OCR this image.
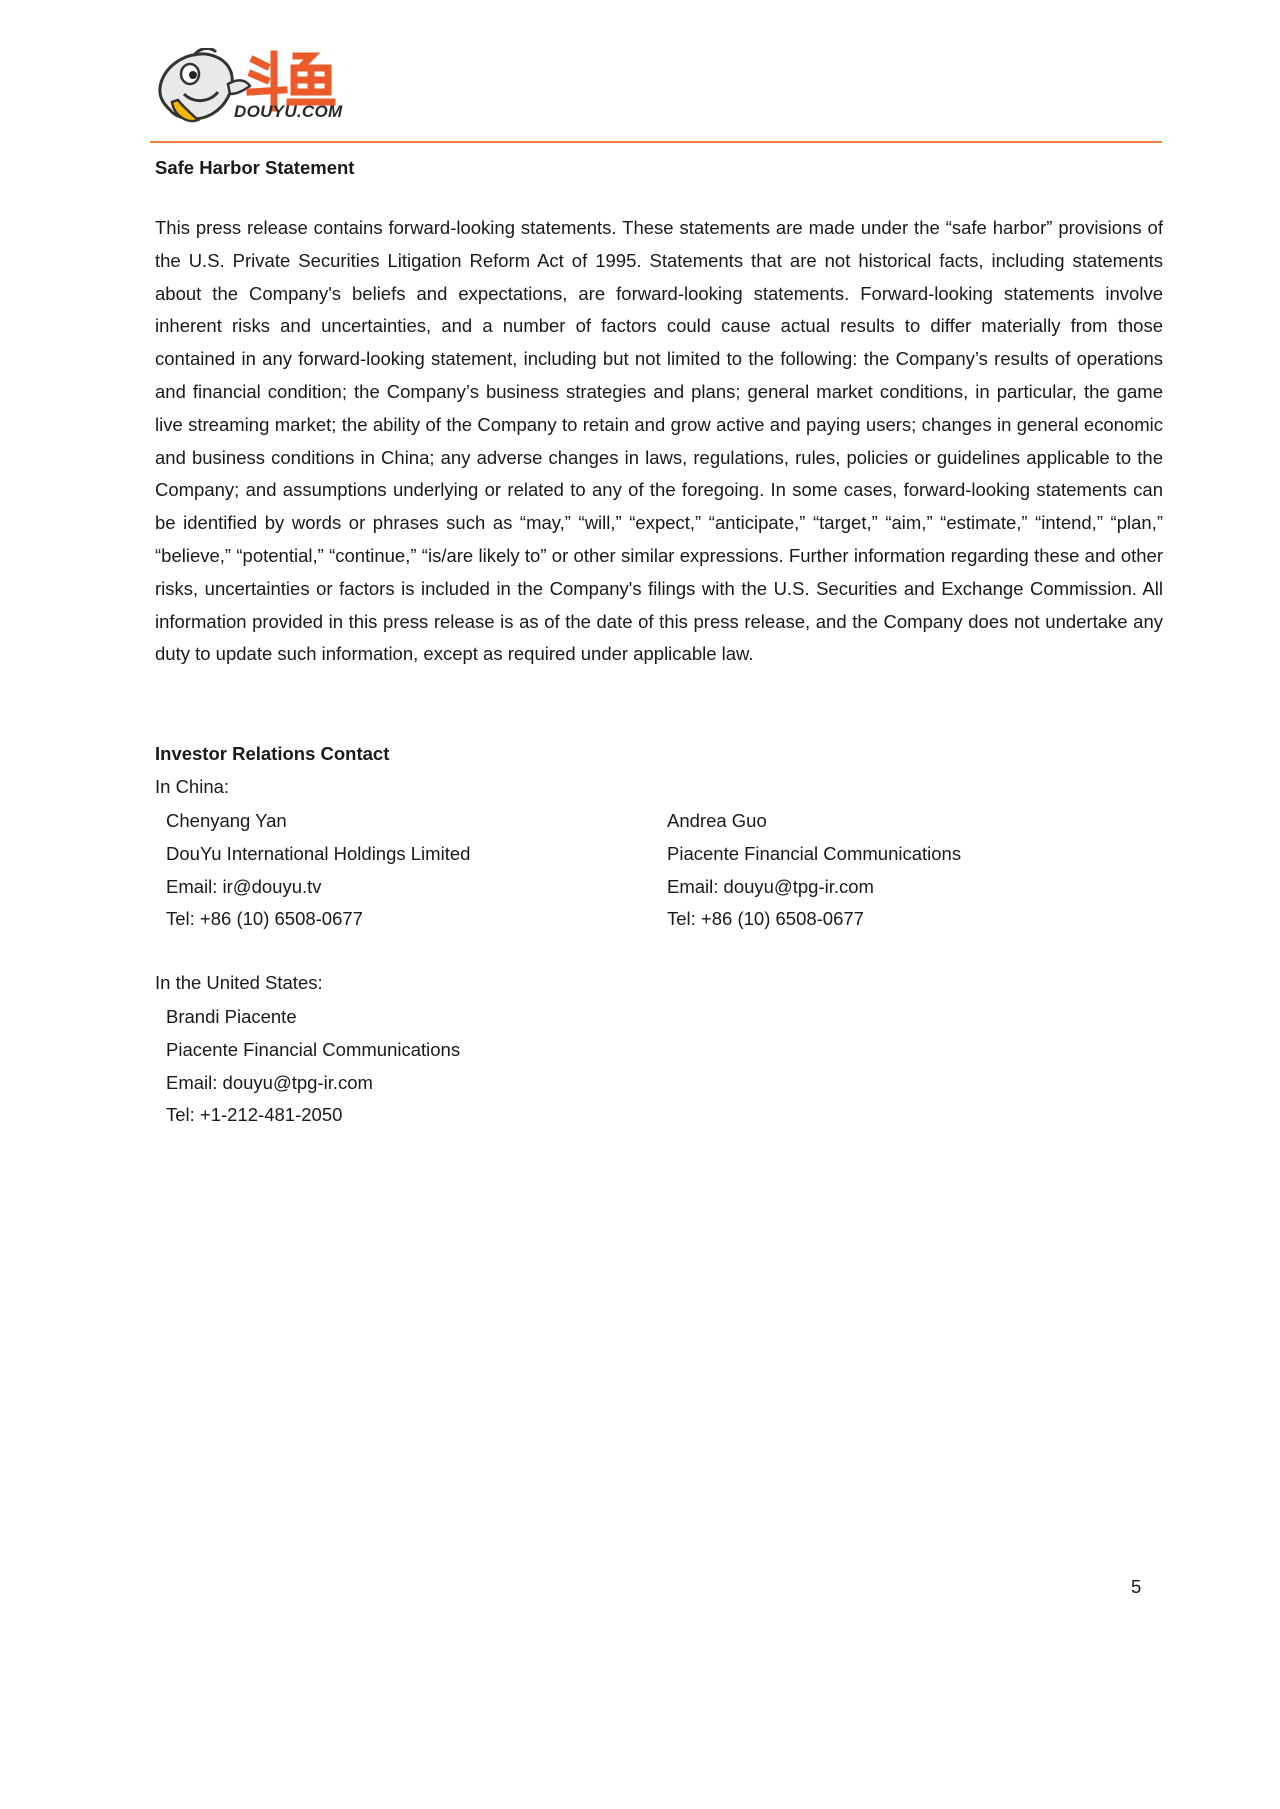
DOUYU.COM
Safe Harbor Statement
This press release contains forward-looking statements. These statements are made under the “safe harbor” provisions of the U.S. Private Securities Litigation Reform Act of 1995. Statements that are not historical facts, including statements about the Company's beliefs and expectations, are forward-looking statements. Forward-looking statements involve inherent risks and uncertainties, and a number of factors could cause actual results to differ materially from those contained in any forward-looking statement, including but not limited to the following: the Company’s results of operations and financial condition; the Company’s business strategies and plans; general market conditions, in particular, the game live streaming market; the ability of the Company to retain and grow active and paying users; changes in general economic and business conditions in China; any adverse changes in laws, regulations, rules, policies or guidelines applicable to the Company; and assumptions underlying or related to any of the foregoing. In some cases, forward-looking statements can be identified by words or phrases such as “may,” “will,” “expect,” “anticipate,” “target,” “aim,” “estimate,” “intend,” “plan,” “believe,” “potential,” “continue,” “is/are likely to” or other similar expressions. Further information regarding these and other risks, uncertainties or factors is included in the Company's filings with the U.S. Securities and Exchange Commission. All information provided in this press release is as of the date of this press release, and the Company does not undertake any duty to update such information, except as required under applicable law.
Investor Relations Contact
In China:
Chenyang Yan
DouYu International Holdings Limited
Email: ir@douyu.tv
Tel: +86 (10) 6508-0677
Andrea Guo
Piacente Financial Communications
Email: douyu@tpg-ir.com
Tel: +86 (10) 6508-0677
In the United States:
Brandi Piacente
Piacente Financial Communications
Email: douyu@tpg-ir.com
Tel: +1-212-481-2050
5
